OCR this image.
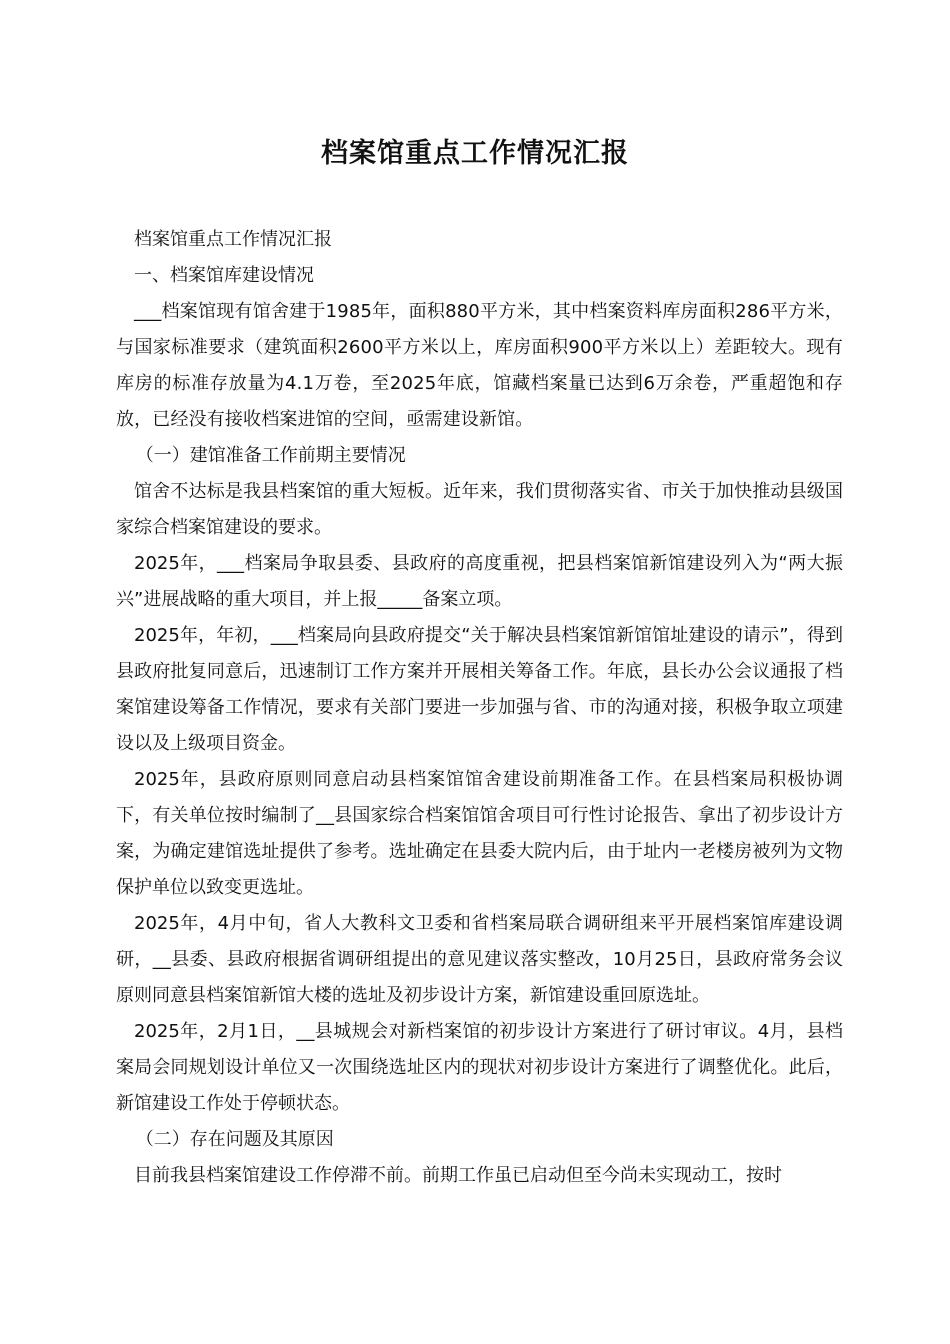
档案馆重点工作情况汇报

档案馆重点工作情况汇报

一、档案馆库建设情况

___档案馆现有馆舍建于1985年，面积880平方米，其中档案资料库房面积286平方米，与国家标准要求（建筑面积2600平方米以上，库房面积900平方米以上）差距较大。现有库房的标准存放量为4.1万卷，至2025年底，馆藏档案量已达到6万余卷，严重超饱和存放，已经没有接收档案进馆的空间，亟需建设新馆。

（一）建馆准备工作前期主要情况

馆舍不达标是我县档案馆的重大短板。近年来，我们贯彻落实省、市关于加快推动县级国家综合档案馆建设的要求。

2025年，___档案局争取县委、县政府的高度重视，把县档案馆新馆建设列入为“两大振兴”进展战略的重大项目，并上报_____备案立项。

2025年，年初，___档案局向县政府提交“关于解决县档案馆新馆馆址建设的请示”，得到县政府批复同意后，迅速制订工作方案并开展相关筹备工作。年底，县长办公会议通报了档案馆建设筹备工作情况，要求有关部门要进一步加强与省、市的沟通对接，积极争取立项建设以及上级项目资金。

2025年，县政府原则同意启动县档案馆馆舍建设前期准备工作。在县档案局积极协调下，有关单位按时编制了__县国家综合档案馆馆舍项目可行性讨论报告、拿出了初步设计方案，为确定建馆选址提供了参考。选址确定在县委大院内后，由于址内一老楼房被列为文物保护单位以致变更选址。

2025年，4月中旬，省人大教科文卫委和省档案局联合调研组来平开展档案馆库建设调研，__县委、县政府根据省调研组提出的意见建议落实整改，10月25日，县政府常务会议原则同意县档案馆新馆大楼的选址及初步设计方案，新馆建设重回原选址。

2025年，2月1日，__县城规会对新档案馆的初步设计方案进行了研讨审议。4月，县档案局会同规划设计单位又一次围绕选址区内的现状对初步设计方案进行了调整优化。此后，新馆建设工作处于停顿状态。

（二）存在问题及其原因

目前我县档案馆建设工作停滞不前。前期工作虽已启动但至今尚未实现动工，按时
